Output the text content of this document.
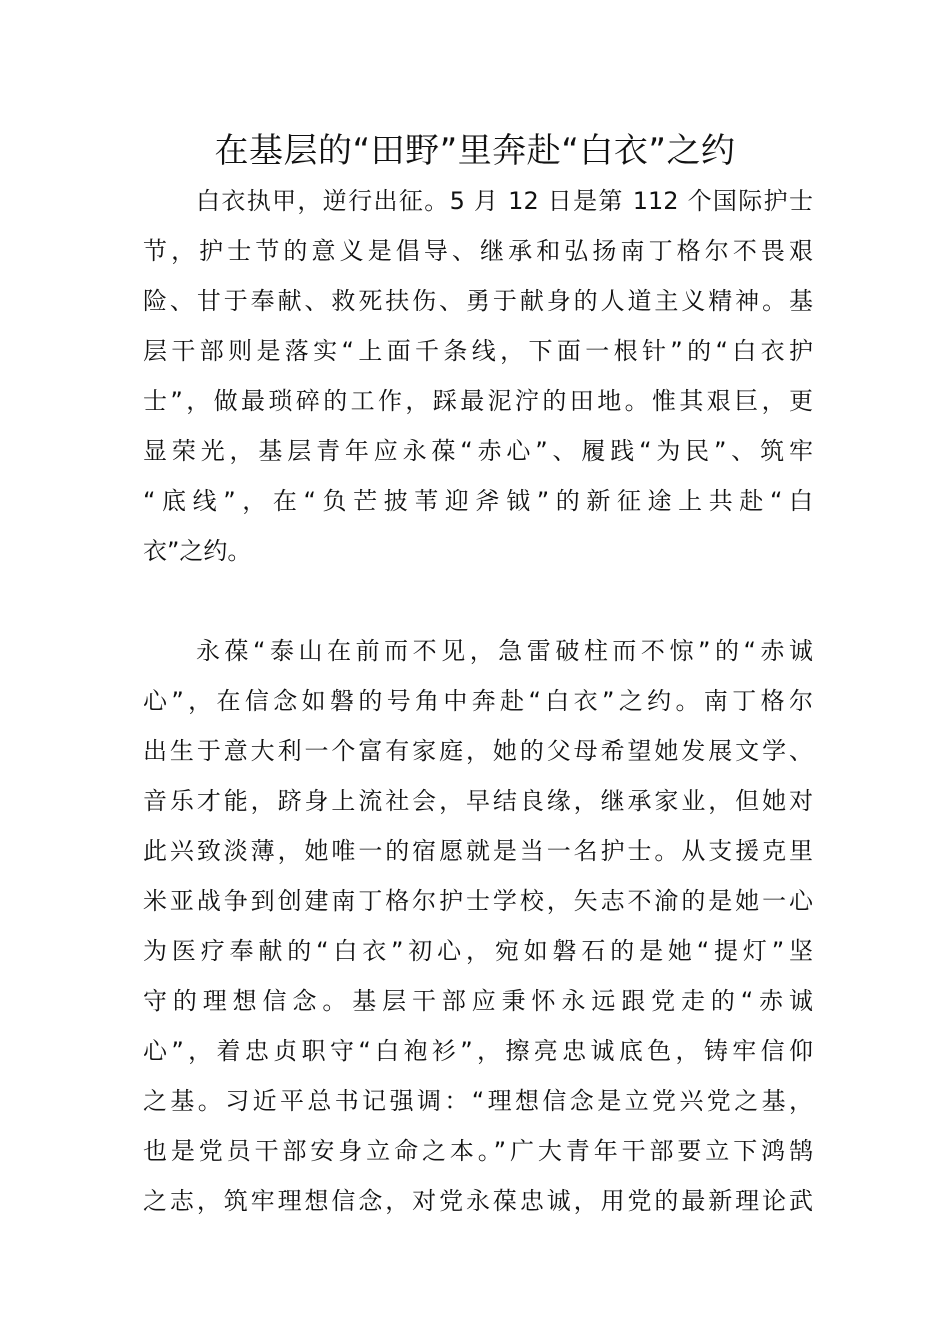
在基层的“田野”里奔赴“白衣”之约
白衣执甲，逆行出征。5 月 12 日是第 112 个国际护士
节，护士节的意义是倡导、继承和弘扬南丁格尔不畏艰
险、甘于奉献、救死扶伤、勇于献身的人道主义精神。基
层干部则是落实“上面千条线，下面一根针”的“白衣护
士”，做最琐碎的工作，踩最泥泞的田地。惟其艰巨，更
显荣光，基层青年应永葆“赤心”、履践“为民”、筑牢
“底线”，在“负芒披苇迎斧钺”的新征途上共赴“白
衣”之约。
永葆“泰山在前而不见，急雷破柱而不惊”的“赤诚
心”，在信念如磐的号角中奔赴“白衣”之约。南丁格尔
出生于意大利一个富有家庭，她的父母希望她发展文学、
音乐才能，跻身上流社会，早结良缘，继承家业，但她对
此兴致淡薄，她唯一的宿愿就是当一名护士。从支援克里
米亚战争到创建南丁格尔护士学校，矢志不渝的是她一心
为医疗奉献的“白衣”初心，宛如磐石的是她“提灯”坚
守的理想信念。基层干部应秉怀永远跟党走的“赤诚
心”，着忠贞职守“白袍衫”，擦亮忠诚底色，铸牢信仰
之基。习近平总书记强调：“理想信念是立党兴党之基，
也是党员干部安身立命之本。”广大青年干部要立下鸿鹄
之志，筑牢理想信念，对党永葆忠诚，用党的最新理论武
